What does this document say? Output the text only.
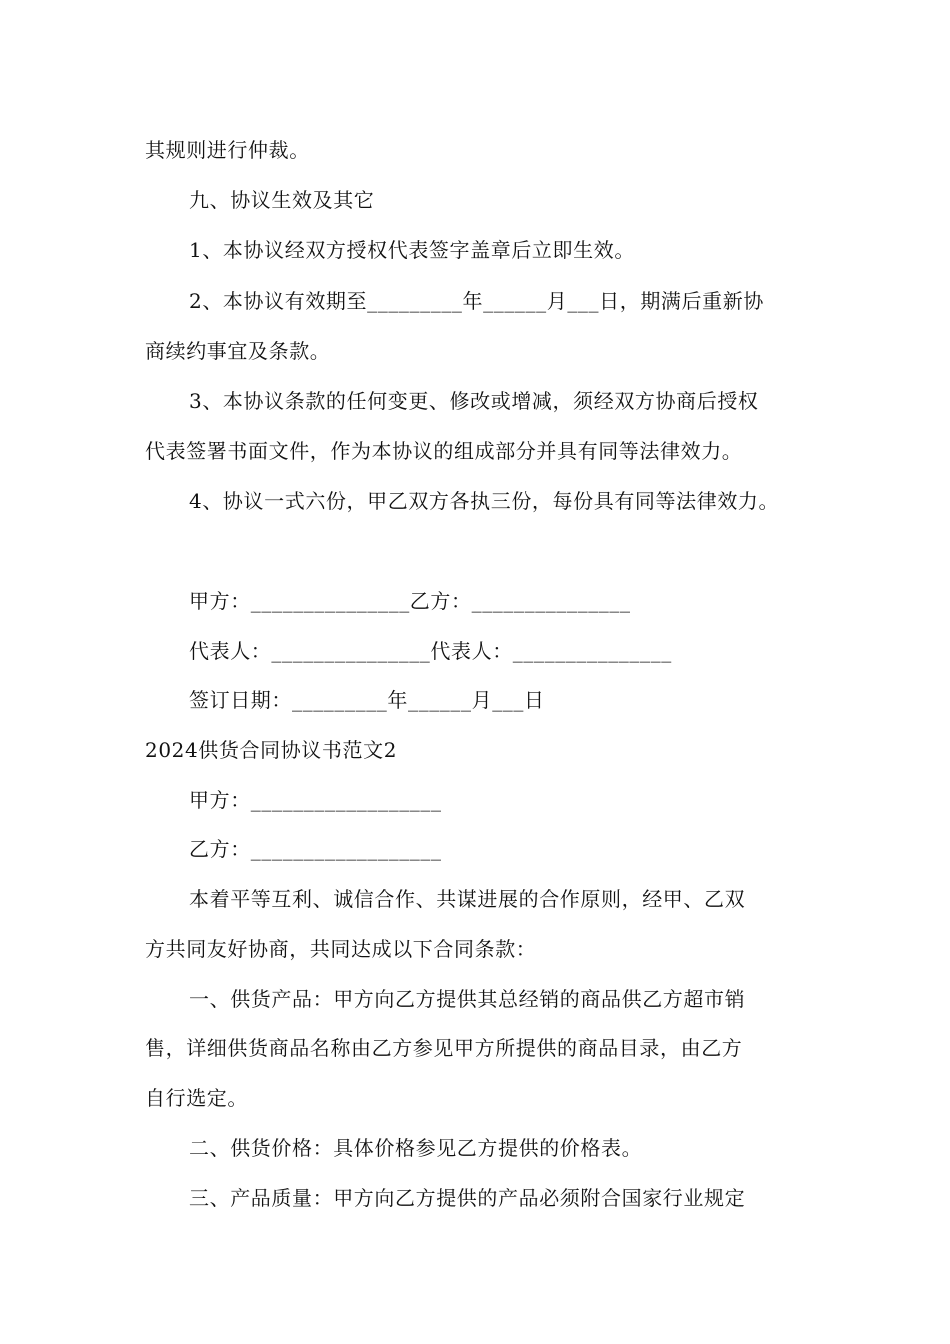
其规则进行仲裁。
九、协议生效及其它
1、本协议经双方授权代表签字盖章后立即生效。
2、本协议有效期至_________年______月___日，期满后重新协
商续约事宜及条款。
3、本协议条款的任何变更、修改或增减，须经双方协商后授权
代表签署书面文件，作为本协议的组成部分并具有同等法律效力。
4、协议一式六份，甲乙双方各执三份，每份具有同等法律效力。
甲方：_______________乙方：_______________
代表人：_______________代表人：_______________
签订日期：_________年______月___日
2024供货合同协议书范文2
甲方：__________________
乙方：__________________
本着平等互利、诚信合作、共谋进展的合作原则，经甲、乙双
方共同友好协商，共同达成以下合同条款：
一、供货产品：甲方向乙方提供其总经销的商品供乙方超市销
售，详细供货商品名称由乙方参见甲方所提供的商品目录，由乙方
自行选定。
二、供货价格：具体价格参见乙方提供的价格表。
三、产品质量：甲方向乙方提供的产品必须附合国家行业规定
